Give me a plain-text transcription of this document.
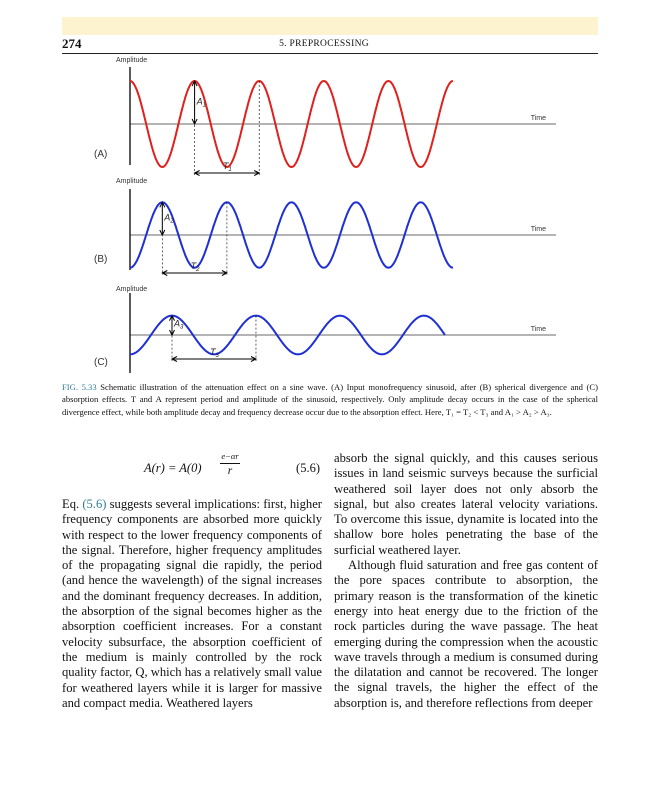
274	5. PREPROCESSING
Amplitude
Time
$A_1$
$T_1$
(A)
Amplitude
Time
$A_2$
$T_2$
(B)
Amplitude
Time
$A_3$
$T_3$
(C)
FIG. 5.33 Schematic illustration of the attenuation effect on a sine wave. (A) Input monofrequency sinusoid, after (B) spherical divergence and (C) absorption effects. T and A represent period and amplitude of the sinusoid, respectively. Only amplitude decay occurs in the case of the spherical divergence effect, while both amplitude decay and frequency decrease occur due to the absorption effect. Here, T₁ = T₂ < T₃ and A₁ > A₂ > A₃.
A(r) = A(0)
e−αr
r	(5.6)

Eq. (5.6) suggests several implications: first, higher frequency components are absorbed more quickly with respect to the lower frequency components of the signal. Therefore, higher frequency amplitudes of the propagating signal die rapidly, the period (and hence the wavelength) of the signal increases and the dominant frequency decreases. In addition, the absorption of the signal becomes higher as the absorption coefficient increases. For a constant velocity subsurface, the absorption coefficient of the medium is mainly controlled by the rock quality factor, Q, which has a relatively small value for weathered layers while it is larger for massive and compact media. Weathered layers

absorb the signal quickly, and this causes serious issues in land seismic surveys because the surficial weathered soil layer does not only absorb the signal, but also creates lateral velocity variations. To overcome this issue, dynamite is located into the shallow bore holes penetrating the base of the surficial weathered layer.

Although fluid saturation and free gas content of the pore spaces contribute to absorption, the primary reason is the transformation of the kinetic energy into heat energy due to the friction of the rock particles during the wave passage. The heat emerging during the compression when the acoustic wave travels through a medium is consumed during the dilatation and cannot be recovered. The longer the signal travels, the higher the effect of the absorption is, and therefore reflections from deeper
